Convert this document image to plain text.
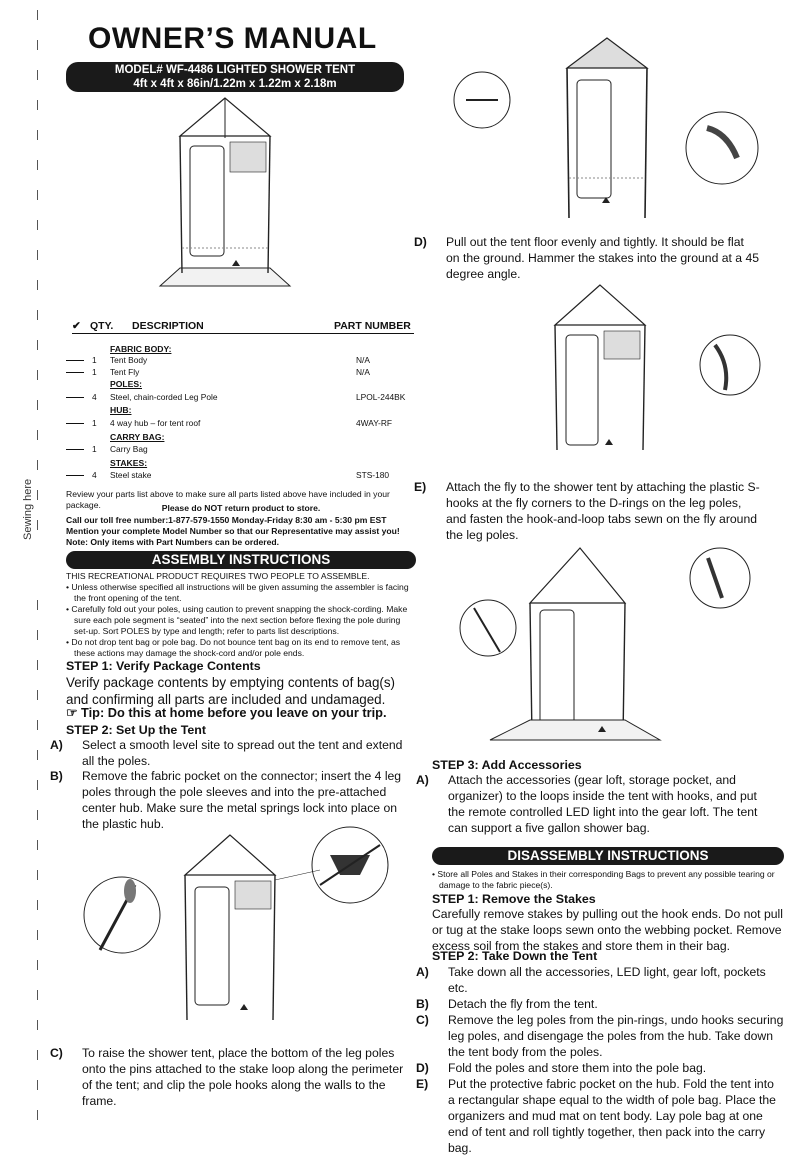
OWNER’S MANUAL
MODEL# WF-4486 LIGHTED SHOWER TENT
4ft x 4ft x 86in/1.22m x 1.22m x 2.18m
Sewing here
✔ QTY. DESCRIPTION	PART NUMBER
FABRIC BODY:
1 Tent Body	N/A
1 Tent Fly	N/A
POLES:
4 Steel, chain-corded Leg Pole	LPOL-244BK
HUB:
1 4 way hub – for tent roof	4WAY-RF
CARRY BAG:
1 Carry Bag
STAKES:
4 Steel stake	STS-180
Review your parts list above to make sure all parts listed above have included in your package.	Please do NOT return product to store.
Call our toll free number:1-877-579-1550 Monday-Friday 8:30 am - 5:30 pm EST
Mention your complete Model Number so that our Representative may assist you!
Note: Only items with Part Numbers can be ordered.
ASSEMBLY INSTRUCTIONS
THIS RECREATIONAL PRODUCT REQUIRES TWO PEOPLE TO ASSEMBLE.
• Unless otherwise specified all instructions will be given assuming the assembler is facing the front opening of the tent.
• Carefully fold out your poles, using caution to prevent snapping the shock-cording. Make sure each pole segment is “seated” into the next section before flexing the pole during set-up. Sort POLES by type and length; refer to parts list descriptions.
• Do not drop tent bag or pole bag. Do not bounce tent bag on its end to remove tent, as these actions may damage the shock-cord and/or pole ends.
STEP 1: Verify Package Contents
Verify package contents by emptying contents of bag(s) and confirming all parts are included and undamaged.
☞ Tip: Do this at home before you leave on your trip.
STEP 2: Set Up the Tent
A) Select a smooth level site to spread out the tent and extend all the poles.
B) Remove the fabric pocket on the connector; insert the 4 leg poles through the pole sleeves and into the pre-attached center hub. Make sure the metal springs lock into place on the plastic hub.
C) To raise the shower tent, place the bottom of the leg poles onto the pins attached to the stake loop along the perimeter of the tent; and clip the pole hooks along the walls to the frame.
D) Pull out the tent floor evenly and tightly. It should be flat on the ground. Hammer the stakes into the ground at a 45 degree angle.
E) Attach the fly to the shower tent by attaching the plastic S-hooks at the fly corners to the D-rings on the leg poles, and fasten the hook-and-loop tabs sewn on the fly around the leg poles.
STEP 3: Add Accessories
A) Attach the accessories (gear loft, storage pocket, and organizer) to the loops inside the tent with hooks, and put the remote controlled LED light into the gear loft. The tent can support a five gallon shower bag.
DISASSEMBLY INSTRUCTIONS
• Store all Poles and Stakes in their corresponding Bags to prevent any possible tearing or damage to the fabric piece(s).
STEP 1: Remove the Stakes
Carefully remove stakes by pulling out the hook ends. Do not pull or tug at the stake loops sewn onto the webbing pocket. Remove excess soil from the stakes and store them in their bag.
STEP 2: Take Down the Tent
A) Take down all the accessories, LED light, gear loft, pockets etc.
B) Detach the fly from the tent.
C) Remove the leg poles from the pin-rings, undo hooks securing leg poles, and disengage the poles from the hub. Take down the tent body from the poles.
D) Fold the poles and store them into the pole bag.
E) Put the protective fabric pocket on the hub. Fold the tent into a rectangular shape equal to the width of pole bag. Place the organizers and mud mat on tent body. Lay pole bag at one end of tent and roll tightly together, then pack into the carry bag.
